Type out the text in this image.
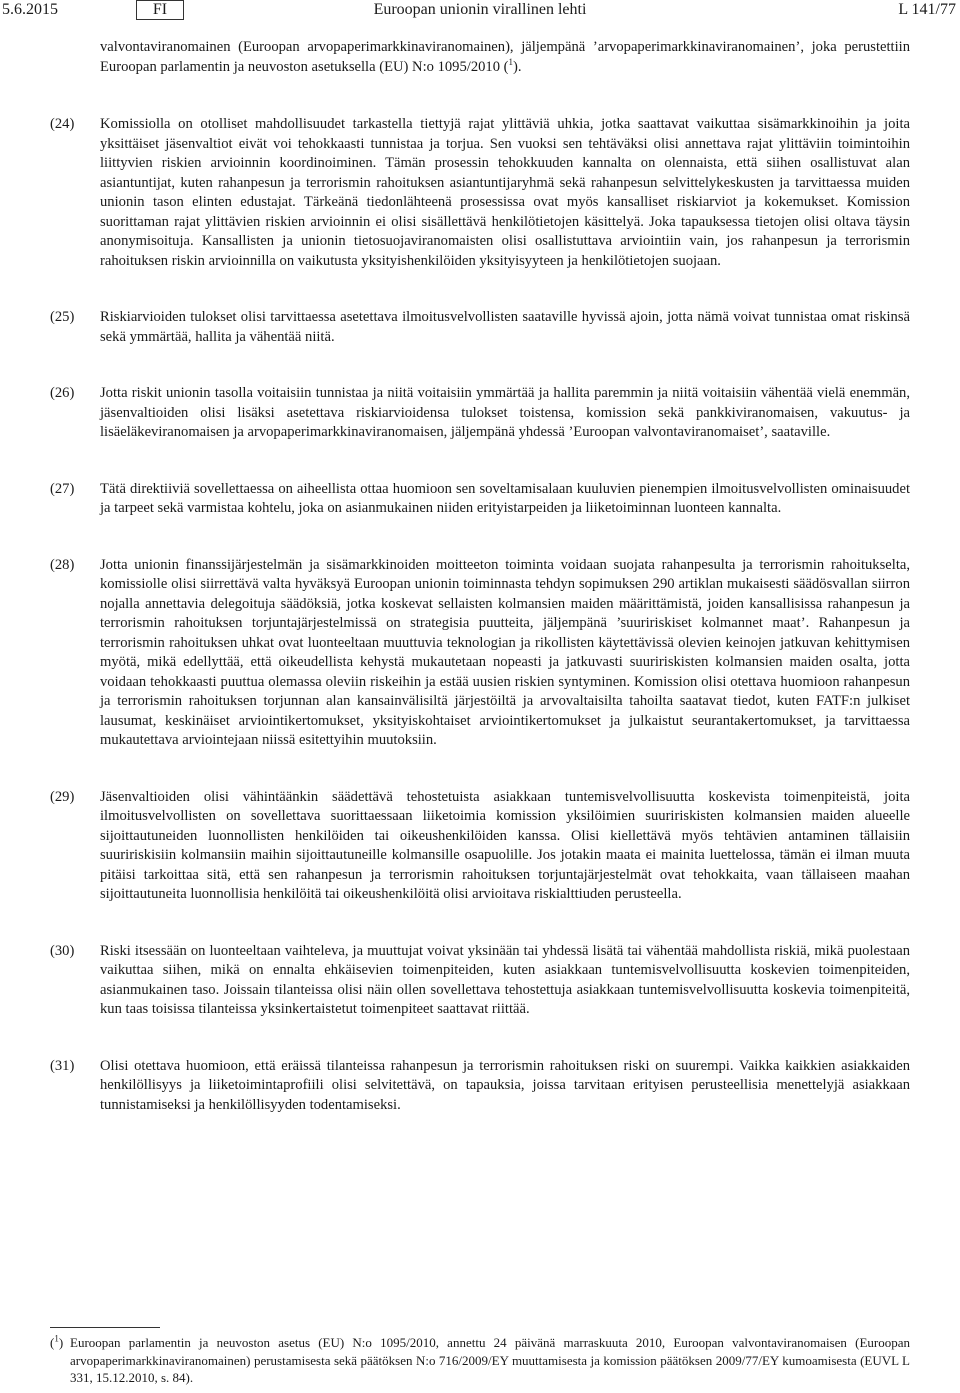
5.6.2015	FI	Euroopan unionin virallinen lehti	L 141/77

valvontaviranomainen (Euroopan arvopaperimarkkinaviranomainen), jäljempänä ’arvopaperimarkkinaviranomainen’, joka perustettiin Euroopan parlamentin ja neuvoston asetuksella (EU) N:o 1095/2010 ($^1$).

(24) Komissiolla on otolliset mahdollisuudet tarkastella tiettyjä rajat ylittäviä uhkia, jotka saattavat vaikuttaa sisämarkkinoihin ja joita yksittäiset jäsenvaltiot eivät voi tehokkaasti tunnistaa ja torjua. Sen vuoksi sen tehtäväksi olisi annettava rajat ylittäviin toimintoihin liittyvien riskien arvioinnin koordinoiminen. Tämän prosessin tehokkuuden kannalta on olennaista, että siihen osallistuvat alan asiantuntijat, kuten rahanpesun ja terrorismin rahoituksen asiantuntijaryhmä sekä rahanpesun selvittelykeskusten ja tarvittaessa muiden unionin tason elinten edustajat. Tärkeänä tiedonlähteenä prosessissa ovat myös kansalliset riskiarviot ja kokemukset. Komission suorittaman rajat ylittävien riskien arvioinnin ei olisi sisällettävä henkilötietojen käsittelyä. Joka tapauksessa tietojen olisi oltava täysin anonymisoituja. Kansallisten ja unionin tietosuojaviranomaisten olisi osallistuttava arviointiin vain, jos rahanpesun ja terrorismin rahoituksen riskin arvioinnilla on vaikutusta yksityishenkilöiden yksityisyyteen ja henkilötietojen suojaan.
(25) Riskiarvioiden tulokset olisi tarvittaessa asetettava ilmoitusvelvollisten saataville hyvissä ajoin, jotta nämä voivat tunnistaa omat riskinsä sekä ymmärtää, hallita ja vähentää niitä.
(26) Jotta riskit unionin tasolla voitaisiin tunnistaa ja niitä voitaisiin ymmärtää ja hallita paremmin ja niitä voitaisiin vähentää vielä enemmän, jäsenvaltioiden olisi lisäksi asetettava riskiarvioidensa tulokset toistensa, komission sekä pankkiviranomaisen, vakuutus- ja lisäeläkeviranomaisen ja arvopaperimarkkinaviranomaisen, jäljempänä yhdessä ’Euroopan valvontaviranomaiset’, saataville.
(27) Tätä direktiiviä sovellettaessa on aiheellista ottaa huomioon sen soveltamisalaan kuuluvien pienempien ilmoitusvelvollisten ominaisuudet ja tarpeet sekä varmistaa kohtelu, joka on asianmukainen niiden erityistarpeiden ja liiketoiminnan luonteen kannalta.
(28) Jotta unionin finanssijärjestelmän ja sisämarkkinoiden moitteeton toiminta voidaan suojata rahanpesulta ja terrorismin rahoitukselta, komissiolle olisi siirrettävä valta hyväksyä Euroopan unionin toiminnasta tehdyn sopimuksen 290 artiklan mukaisesti säädösvallan siirron nojalla annettavia delegoituja säädöksiä, jotka koskevat sellaisten kolmansien maiden määrittämistä, joiden kansallisissa rahanpesun ja terrorismin rahoituksen torjuntajärjestelmissä on strategisia puutteita, jäljempänä ’suuririskiset kolmannet maat’. Rahanpesun ja terrorismin rahoituksen uhkat ovat luonteeltaan muuttuvia teknologian ja rikollisten käytettävissä olevien keinojen jatkuvan kehittymisen myötä, mikä edellyttää, että oikeudellista kehystä mukautetaan nopeasti ja jatkuvasti suuririskisten kolmansien maiden osalta, jotta voidaan tehokkaasti puuttua olemassa oleviin riskeihin ja estää uusien riskien syntyminen. Komission olisi otettava huomioon rahanpesun ja terrorismin rahoituksen torjunnan alan kansainvälisiltä järjestöiltä ja arvovaltaisilta tahoilta saatavat tiedot, kuten FATF:n julkiset lausumat, keskinäiset arviointikertomukset, yksityiskohtaiset arviointikertomukset ja julkaistut seurantakertomukset, ja tarvittaessa mukautettava arviointejaan niissä esitettyihin muutoksiin.
(29) Jäsenvaltioiden olisi vähintäänkin säädettävä tehostetuista asiakkaan tuntemisvelvollisuutta koskevista toimenpiteistä, joita ilmoitusvelvollisten on sovellettava suorittaessaan liiketoimia komission yksilöimien suuririskisten kolmansien maiden alueelle sijoittautuneiden luonnollisten henkilöiden tai oikeushenkilöiden kanssa. Olisi kiellettävä myös tehtävien antaminen tällaisiin suuririskisiin kolmansiin maihin sijoittautuneille kolmansille osapuolille. Jos jotakin maata ei mainita luettelossa, tämän ei ilman muuta pitäisi tarkoittaa sitä, että sen rahanpesun ja terrorismin rahoituksen torjuntajärjestelmät ovat tehokkaita, vaan tällaiseen maahan sijoittautuneita luonnollisia henkilöitä tai oikeushenkilöitä olisi arvioitava riskialttiuden perusteella.
(30) Riski itsessään on luonteeltaan vaihteleva, ja muuttujat voivat yksinään tai yhdessä lisätä tai vähentää mahdollista riskiä, mikä puolestaan vaikuttaa siihen, mikä on ennalta ehkäisevien toimenpiteiden, kuten asiakkaan tuntemisvelvollisuutta koskevien toimenpiteiden, asianmukainen taso. Joissain tilanteissa olisi näin ollen sovellettava tehostettuja asiakkaan tuntemisvelvollisuutta koskevia toimenpiteitä, kun taas toisissa tilanteissa yksinkertaistetut toimenpiteet saattavat riittää.
(31) Olisi otettava huomioon, että eräissä tilanteissa rahanpesun ja terrorismin rahoituksen riski on suurempi. Vaikka kaikkien asiakkaiden henkilöllisyys ja liiketoimintaprofiili olisi selvitettävä, on tapauksia, joissa tarvitaan erityisen perusteellisia menettelyjä asiakkaan tunnistamiseksi ja henkilöllisyyden todentamiseksi.
($^1$) Euroopan parlamentin ja neuvoston asetus (EU) N:o 1095/2010, annettu 24 päivänä marraskuuta 2010, Euroopan valvontaviranomaisen (Euroopan arvopaperimarkkinaviranomainen) perustamisesta sekä päätöksen N:o 716/2009/EY muuttamisesta ja komission päätöksen 2009/77/EY kumoamisesta (EUVL L 331, 15.12.2010, s. 84).
